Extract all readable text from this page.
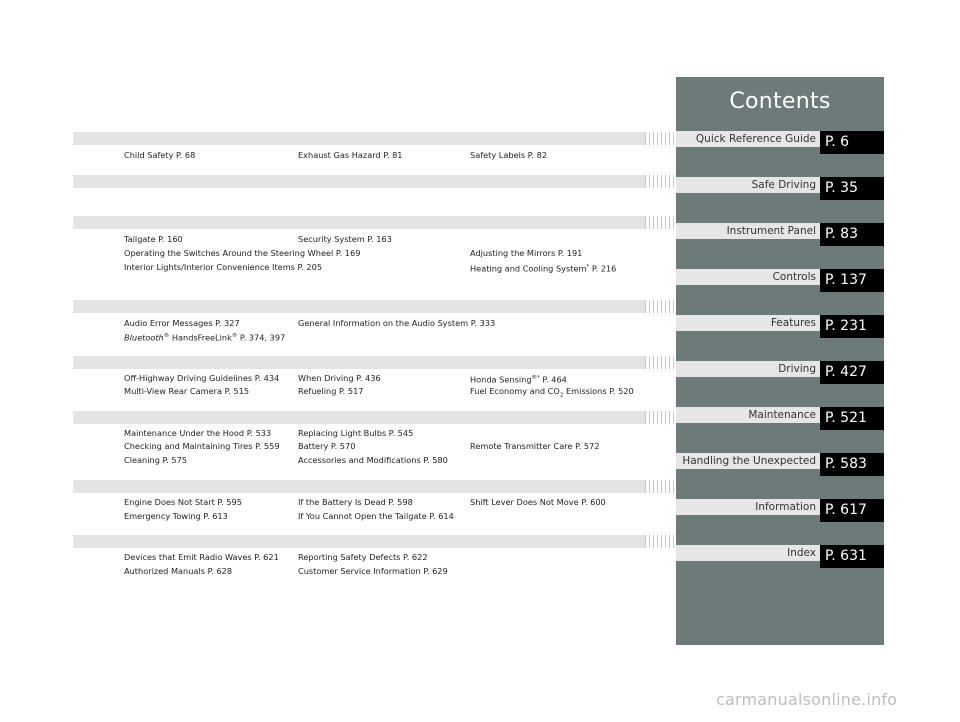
Child Safety P. 68	Exhaust Gas Hazard P. 81	Safety Labels P. 82
Tailgate P. 160	Security System P. 163
Operating the Switches Around the Steering Wheel P. 169	Adjusting the Mirrors P. 191
Interior Lights/Interior Convenience Items P. 205	Heating and Cooling System* P. 216
Audio Error Messages P. 327	General Information on the Audio System P. 333
Bluetooth® HandsFreeLink® P. 374, 397
Off-Highway Driving Guidelines P. 434 When Driving P. 436	Honda Sensing®* P. 464
Multi-View Rear Camera P. 515	Refueling P. 517	Fuel Economy and $CO_2$ Emissions P. 520
Maintenance Under the Hood P. 533	Replacing Light Bulbs P. 545
Checking and Maintaining Tires P. 559 Battery P. 570	Remote Transmitter Care P. 572
Cleaning P. 575	Accessories and Modifications P. 580
Engine Does Not Start P. 595	If the Battery Is Dead P. 598	Shift Lever Does Not Move P. 600
Emergency Towing P. 613	If You Cannot Open the Tailgate P. 614
Devices that Emit Radio Waves P. 621 Reporting Safety Defects P. 622
Authorized Manuals P. 628	Customer Service Information P. 629
Contents
Quick Reference Guide P. 6
Safe Driving P. 35
Instrument Panel P. 83
Controls P. 137
Features P. 231
Driving P. 427
Maintenance P. 521
Handling the Unexpected P. 583
Information P. 617
Index P. 631
carmanualsonline.info
